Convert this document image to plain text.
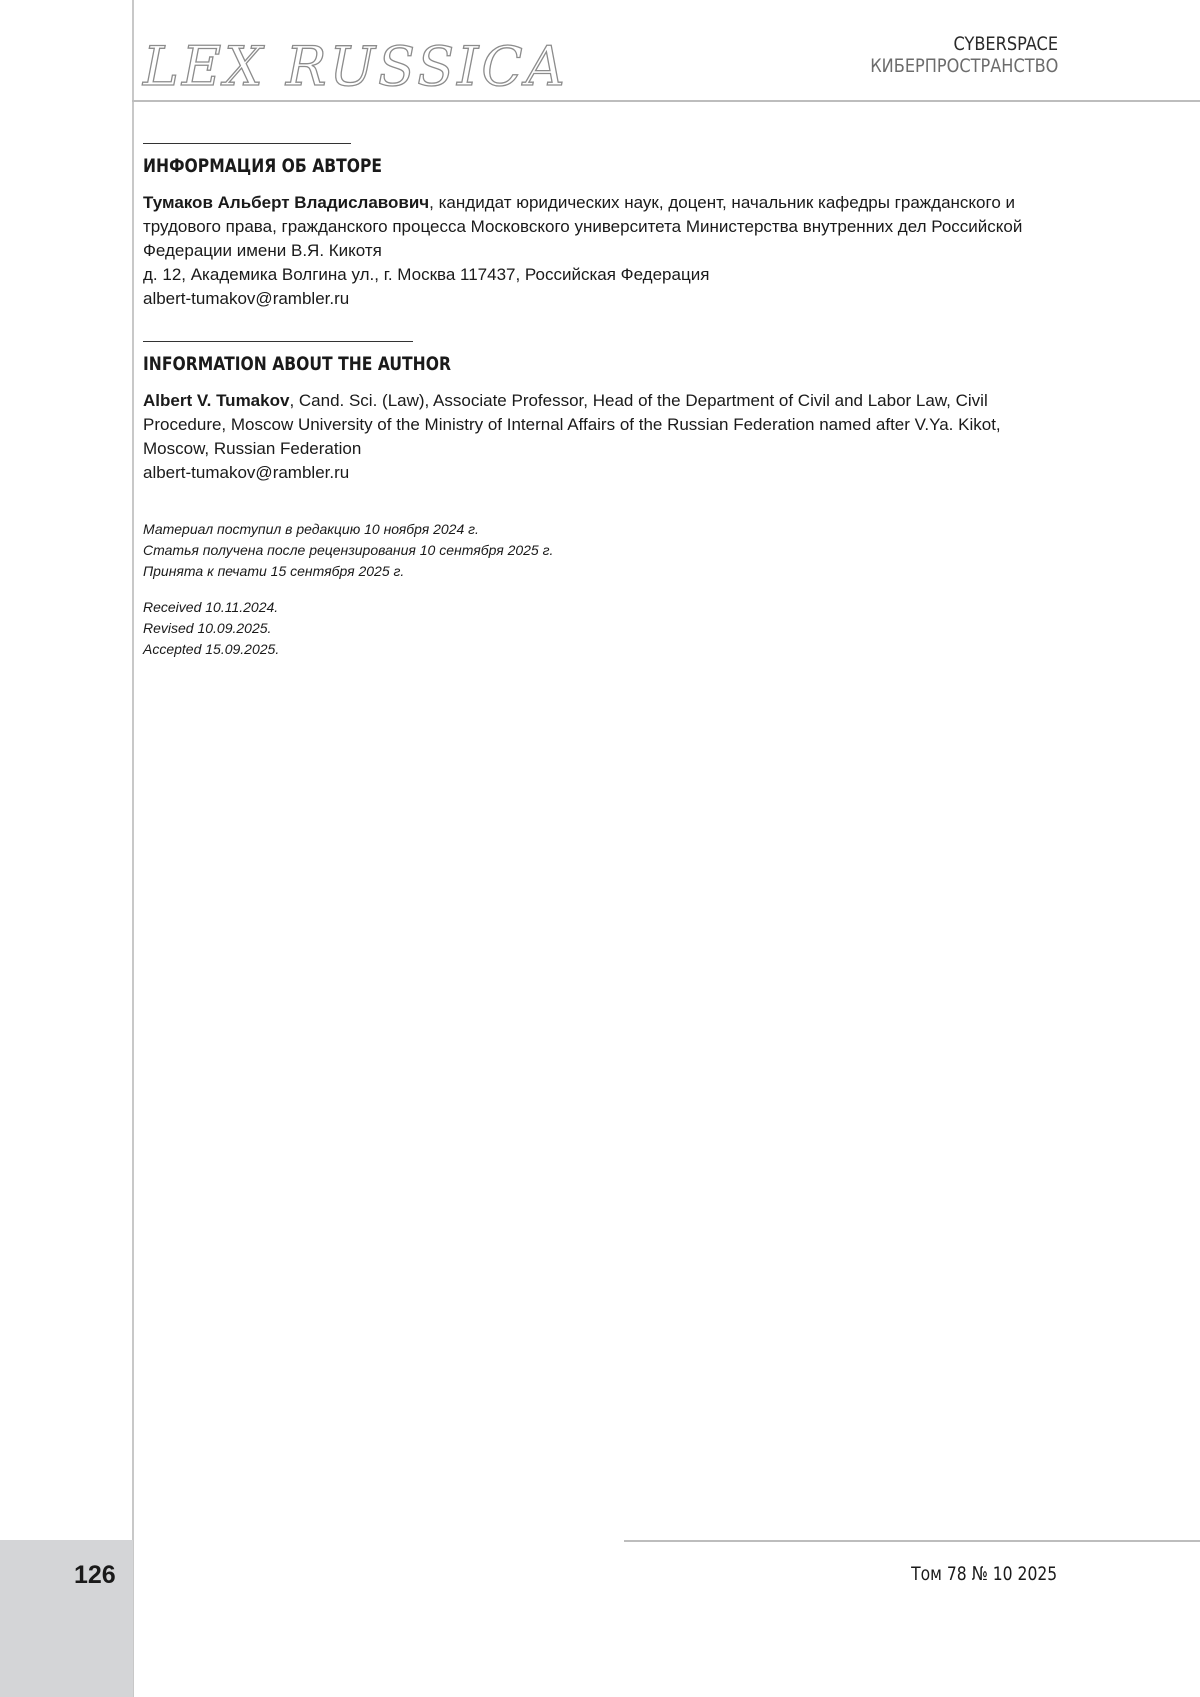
LEX RUSSICA	CYBERSPACE
КИБЕРПРОСТРАНСТВО
ИНФОРМАЦИЯ ОБ АВТОРЕ

Тумаков Альберт Владиславович, кандидат юридических наук, доцент, начальник кафедры гражданского и трудового права, гражданского процесса Московского университета Министерства внутренних дел Российской Федерации имени В.Я. Кикотя

д. 12, Академика Волгина ул., г. Москва 117437, Российская Федерация

albert-tumakov@rambler.ru

INFORMATION ABOUT THE AUTHOR

Albert V. Tumakov, Cand. Sci. (Law), Associate Professor, Head of the Department of Civil and Labor Law, Civil Procedure, Moscow University of the Ministry of Internal Affairs of the Russian Federation named after V.Ya. Kikot, Moscow, Russian Federation

albert-tumakov@rambler.ru

Материал поступил в редакцию 10 ноября 2024 г.

Статья получена после рецензирования 10 сентября 2025 г.

Принята к печати 15 сентября 2025 г.

Received 10.11.2024.

Revised 10.09.2025.

Accepted 15.09.2025.

126	Том 78 № 10 2025
